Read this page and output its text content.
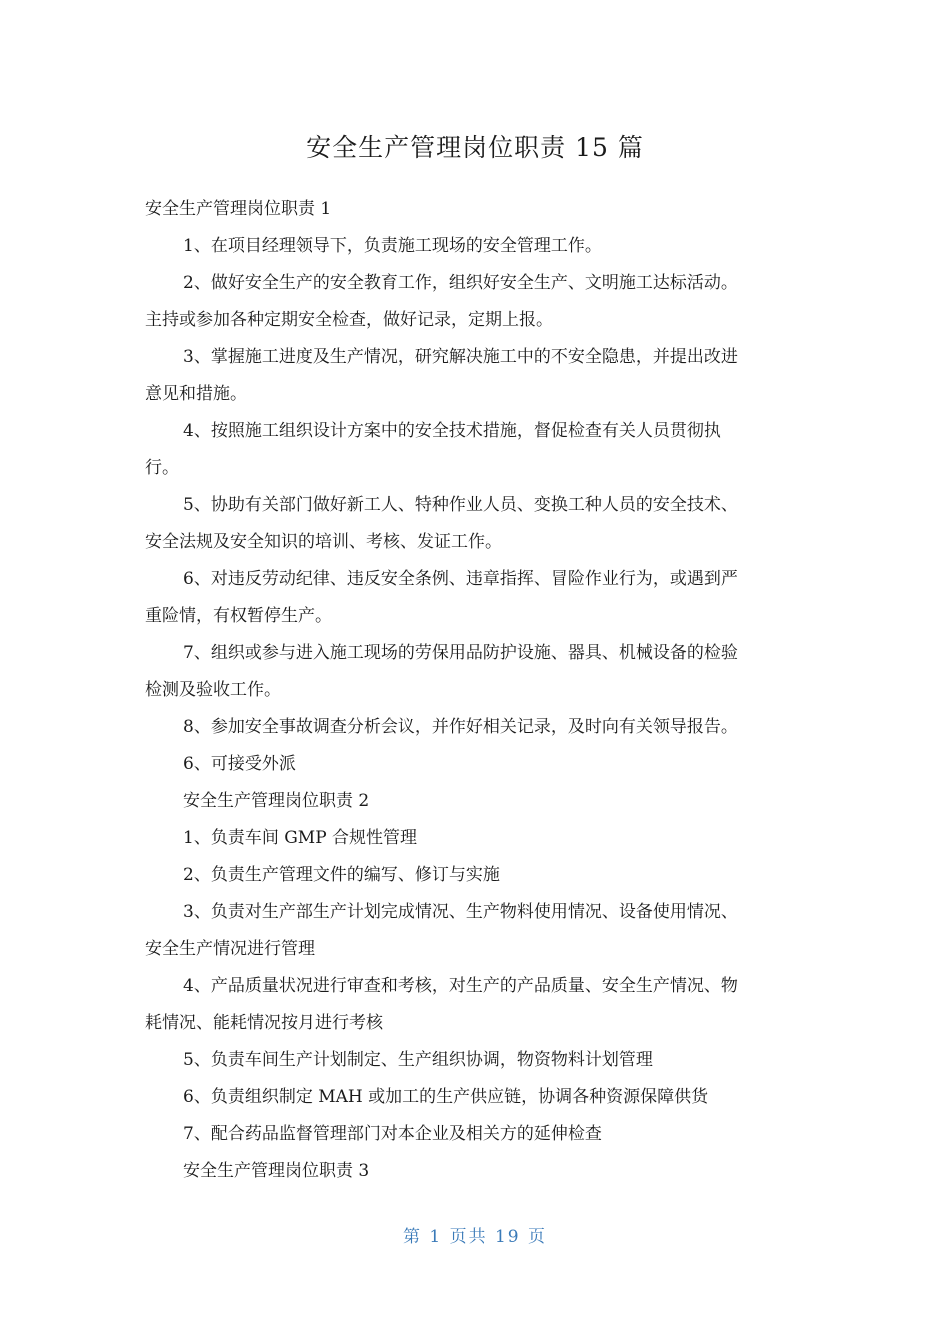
安全生产管理岗位职责 15 篇
安全生产管理岗位职责 1
1、在项目经理领导下，负责施工现场的安全管理工作。
2、做好安全生产的安全教育工作，组织好安全生产、文明施工达标活动。
主持或参加各种定期安全检查，做好记录，定期上报。
3、掌握施工进度及生产情况，研究解决施工中的不安全隐患，并提出改进
意见和措施。
4、按照施工组织设计方案中的安全技术措施，督促检查有关人员贯彻执
行。
5、协助有关部门做好新工人、特种作业人员、变换工种人员的安全技术、
安全法规及安全知识的培训、考核、发证工作。
6、对违反劳动纪律、违反安全条例、违章指挥、冒险作业行为，或遇到严
重险情，有权暂停生产。
7、组织或参与进入施工现场的劳保用品防护设施、器具、机械设备的检验
检测及验收工作。
8、参加安全事故调查分析会议，并作好相关记录，及时向有关领导报告。
6、可接受外派
安全生产管理岗位职责 2
1、负责车间 GMP 合规性管理
2、负责生产管理文件的编写、修订与实施
3、负责对生产部生产计划完成情况、生产物料使用情况、设备使用情况、
安全生产情况进行管理
4、产品质量状况进行审查和考核，对生产的产品质量、安全生产情况、物
耗情况、能耗情况按月进行考核
5、负责车间生产计划制定、生产组织协调，物资物料计划管理
6、负责组织制定 MAH 或加工的生产供应链，协调各种资源保障供货
7、配合药品监督管理部门对本企业及相关方的延伸检查
安全生产管理岗位职责 3
第 1 页共 19 页
